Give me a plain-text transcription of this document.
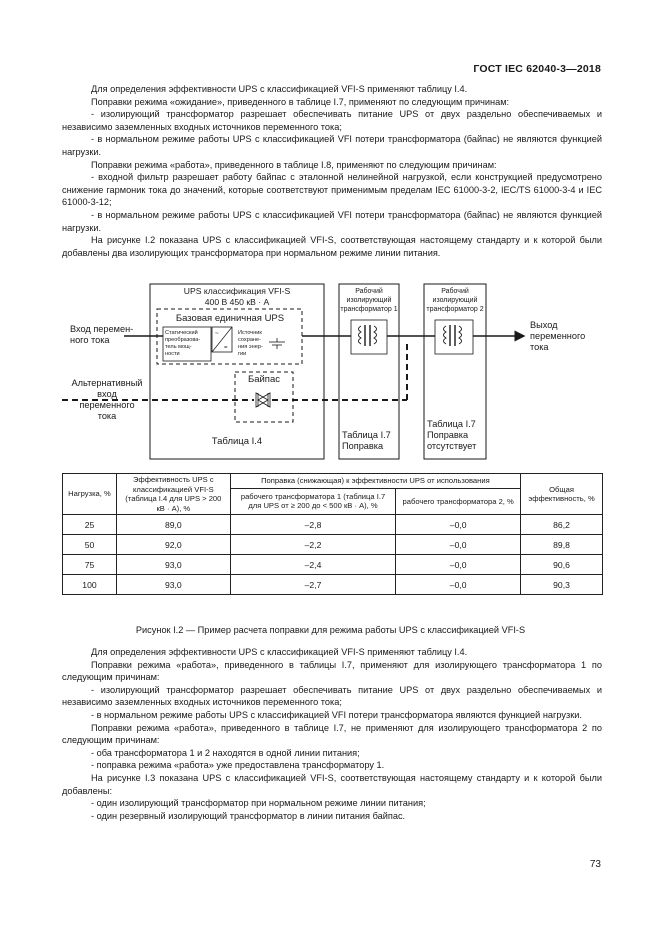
ГОСТ IEC 62040-3—2018

Для определения эффективности UPS с классификацией VFI-S применяют таблицу I.4.

Поправки режима «ожидание», приведенного в таблице I.7, применяют по следующим причинам:

- изолирующий трансформатор разрешает обеспечивать питание UPS от двух раздельно обеспечиваемых и независимо заземленных входных источников переменного тока;

- в нормальном режиме работы UPS с классификацией VFI потери трансформатора (байпас) не являются функцией нагрузки.

Поправки режима «работа», приведенного в таблице I.8, применяют по следующим причинам:

- входной фильтр разрешает работу байпас с эталонной нелинейной нагрузкой, если конструкцией предусмотрено снижение гармоник тока до значений, которые соответствуют применимым пределам IEC 61000-3-2, IEC/TS 61000-3-4 и IEC 61000-3-12;

- в нормальном режиме работы UPS с классификацией VFI потери трансформатора (байпас) не являются функцией нагрузки.

На рисунке I.2 показана UPS с классификацией VFI-S, соответствующая настоящему стандарту и к которой были добавлены два изолирующих трансформатора при нормальном режиме линии питания.

UPS классификация VFI-S
400 В 450 кВ · А
Базовая единичная UPS
Статический
преобразова-
тель мощ-
ности
~
=
Источник
сохране-
ния энер-
гии
Вход перемен-
ного тока
Байпас
Альтернативный
вход
переменного
тока
Таблица I.4
Рабочий
изолирующий
трансформатор 1
Таблица I.7
Поправка
Рабочий
изолирующий
трансформатор 2
Таблица I.7
Поправка
отсутствует
Выход
переменного
тока
Нагрузка, %	Эффективность UPS с классификацией VFI-S (таблица I.4 для UPS > 200 кВ · А), %	Поправка (снижающая) к эффективности UPS от использования		Общая эффективность, %
		рабочего трансформатора 1 (таблица I.7 для UPS от ≥ 200 до < 500 кВ · А), %	рабочего трансформатора 2, %	
25	89,0	–2,8	–0,0	86,2
50	92,0	–2,2	–0,0	89,8
75	93,0	–2,4	–0,0	90,6
100	93,0	–2,7	–0,0	90,3
Рисунок I.2 — Пример расчета поправки для режима работы UPS с классификацией VFI-S

Для определения эффективности UPS с классификацией VFI-S применяют таблицу I.4.

Поправки режима «работа», приведенного в таблицы I.7, применяют для изолирующего трансформатора 1 по следующим причинам:

- изолирующий трансформатор разрешает обеспечивать питание UPS от двух раздельно обеспечиваемых и независимо заземленных входных источников переменного тока;

- в нормальном режиме работы UPS с классификацией VFI потери трансформатора являются функцией нагрузки.

Поправки режима «работа», приведенного в таблице I.7, не применяют для изолирующего трансформатора 2 по следующим причинам:

- оба трансформатора 1 и 2 находятся в одной линии питания;

- поправка режима «работа» уже предоставлена трансформатору 1.

На рисунке I.3 показана UPS с классификацией VFI-S, соответствующая настоящему стандарту и к которой были добавлены:

- один изолирующий трансформатор при нормальном режиме линии питания;

- один резервный изолирующий трансформатор в линии питания байпас.

73
